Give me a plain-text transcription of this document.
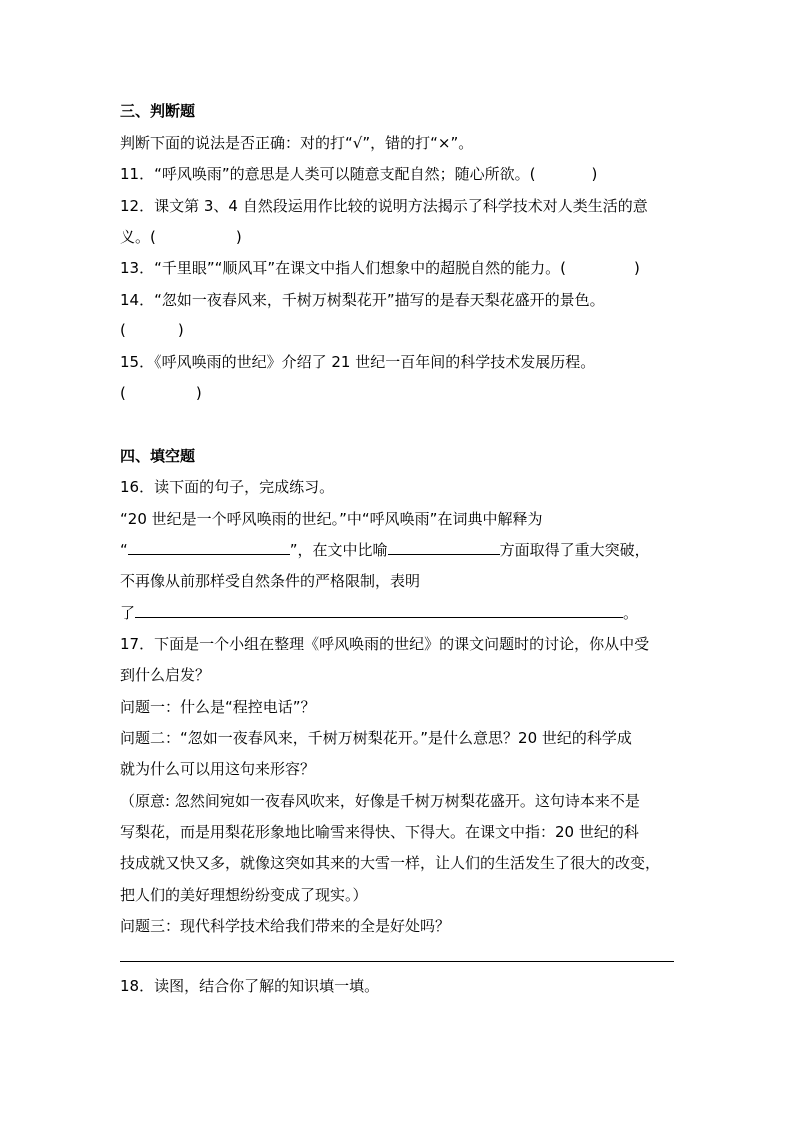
三、判断题
判断下面的说法是否正确：对的打“√”，错的打“×”。
11．“呼风唤雨”的意思是人类可以随意支配自然；随心所欲。(	)
12．课文第 3、4 自然段运用作比较的说明方法揭示了科学技术对人类生活的意
义。(	)
13．“千里眼”“顺风耳”在课文中指人们想象中的超脱自然的能力。(	)
14．“忽如一夜春风来，千树万树梨花开”描写的是春天梨花盛开的景色。
(	)
15．《呼风唤雨的世纪》介绍了 21 世纪一百年间的科学技术发展历程。
(	)
四、填空题
16．读下面的句子，完成练习。
“20 世纪是一个呼风唤雨的世纪。”中“呼风唤雨”在词典中解释为
“	”，在文中比喻	方面取得了重大突破，
不再像从前那样受自然条件的严格限制，表明
了	。
17．下面是一个小组在整理《呼风唤雨的世纪》的课文问题时的讨论，你从中受
到什么启发？
问题一：什么是“程控电话”？
问题二：“忽如一夜春风来，千树万树梨花开。”是什么意思？20 世纪的科学成
就为什么可以用这句来形容？
（原意: 忽然间宛如一夜春风吹来，好像是千树万树梨花盛开。这句诗本来不是
写梨花，而是用梨花形象地比喻雪来得快、下得大。在课文中指：20 世纪的科
技成就又快又多，就像这突如其来的大雪一样，让人们的生活发生了很大的改变，
把人们的美好理想纷纷变成了现实。）
问题三：现代科学技术给我们带来的全是好处吗？
18．读图，结合你了解的知识填一填。
